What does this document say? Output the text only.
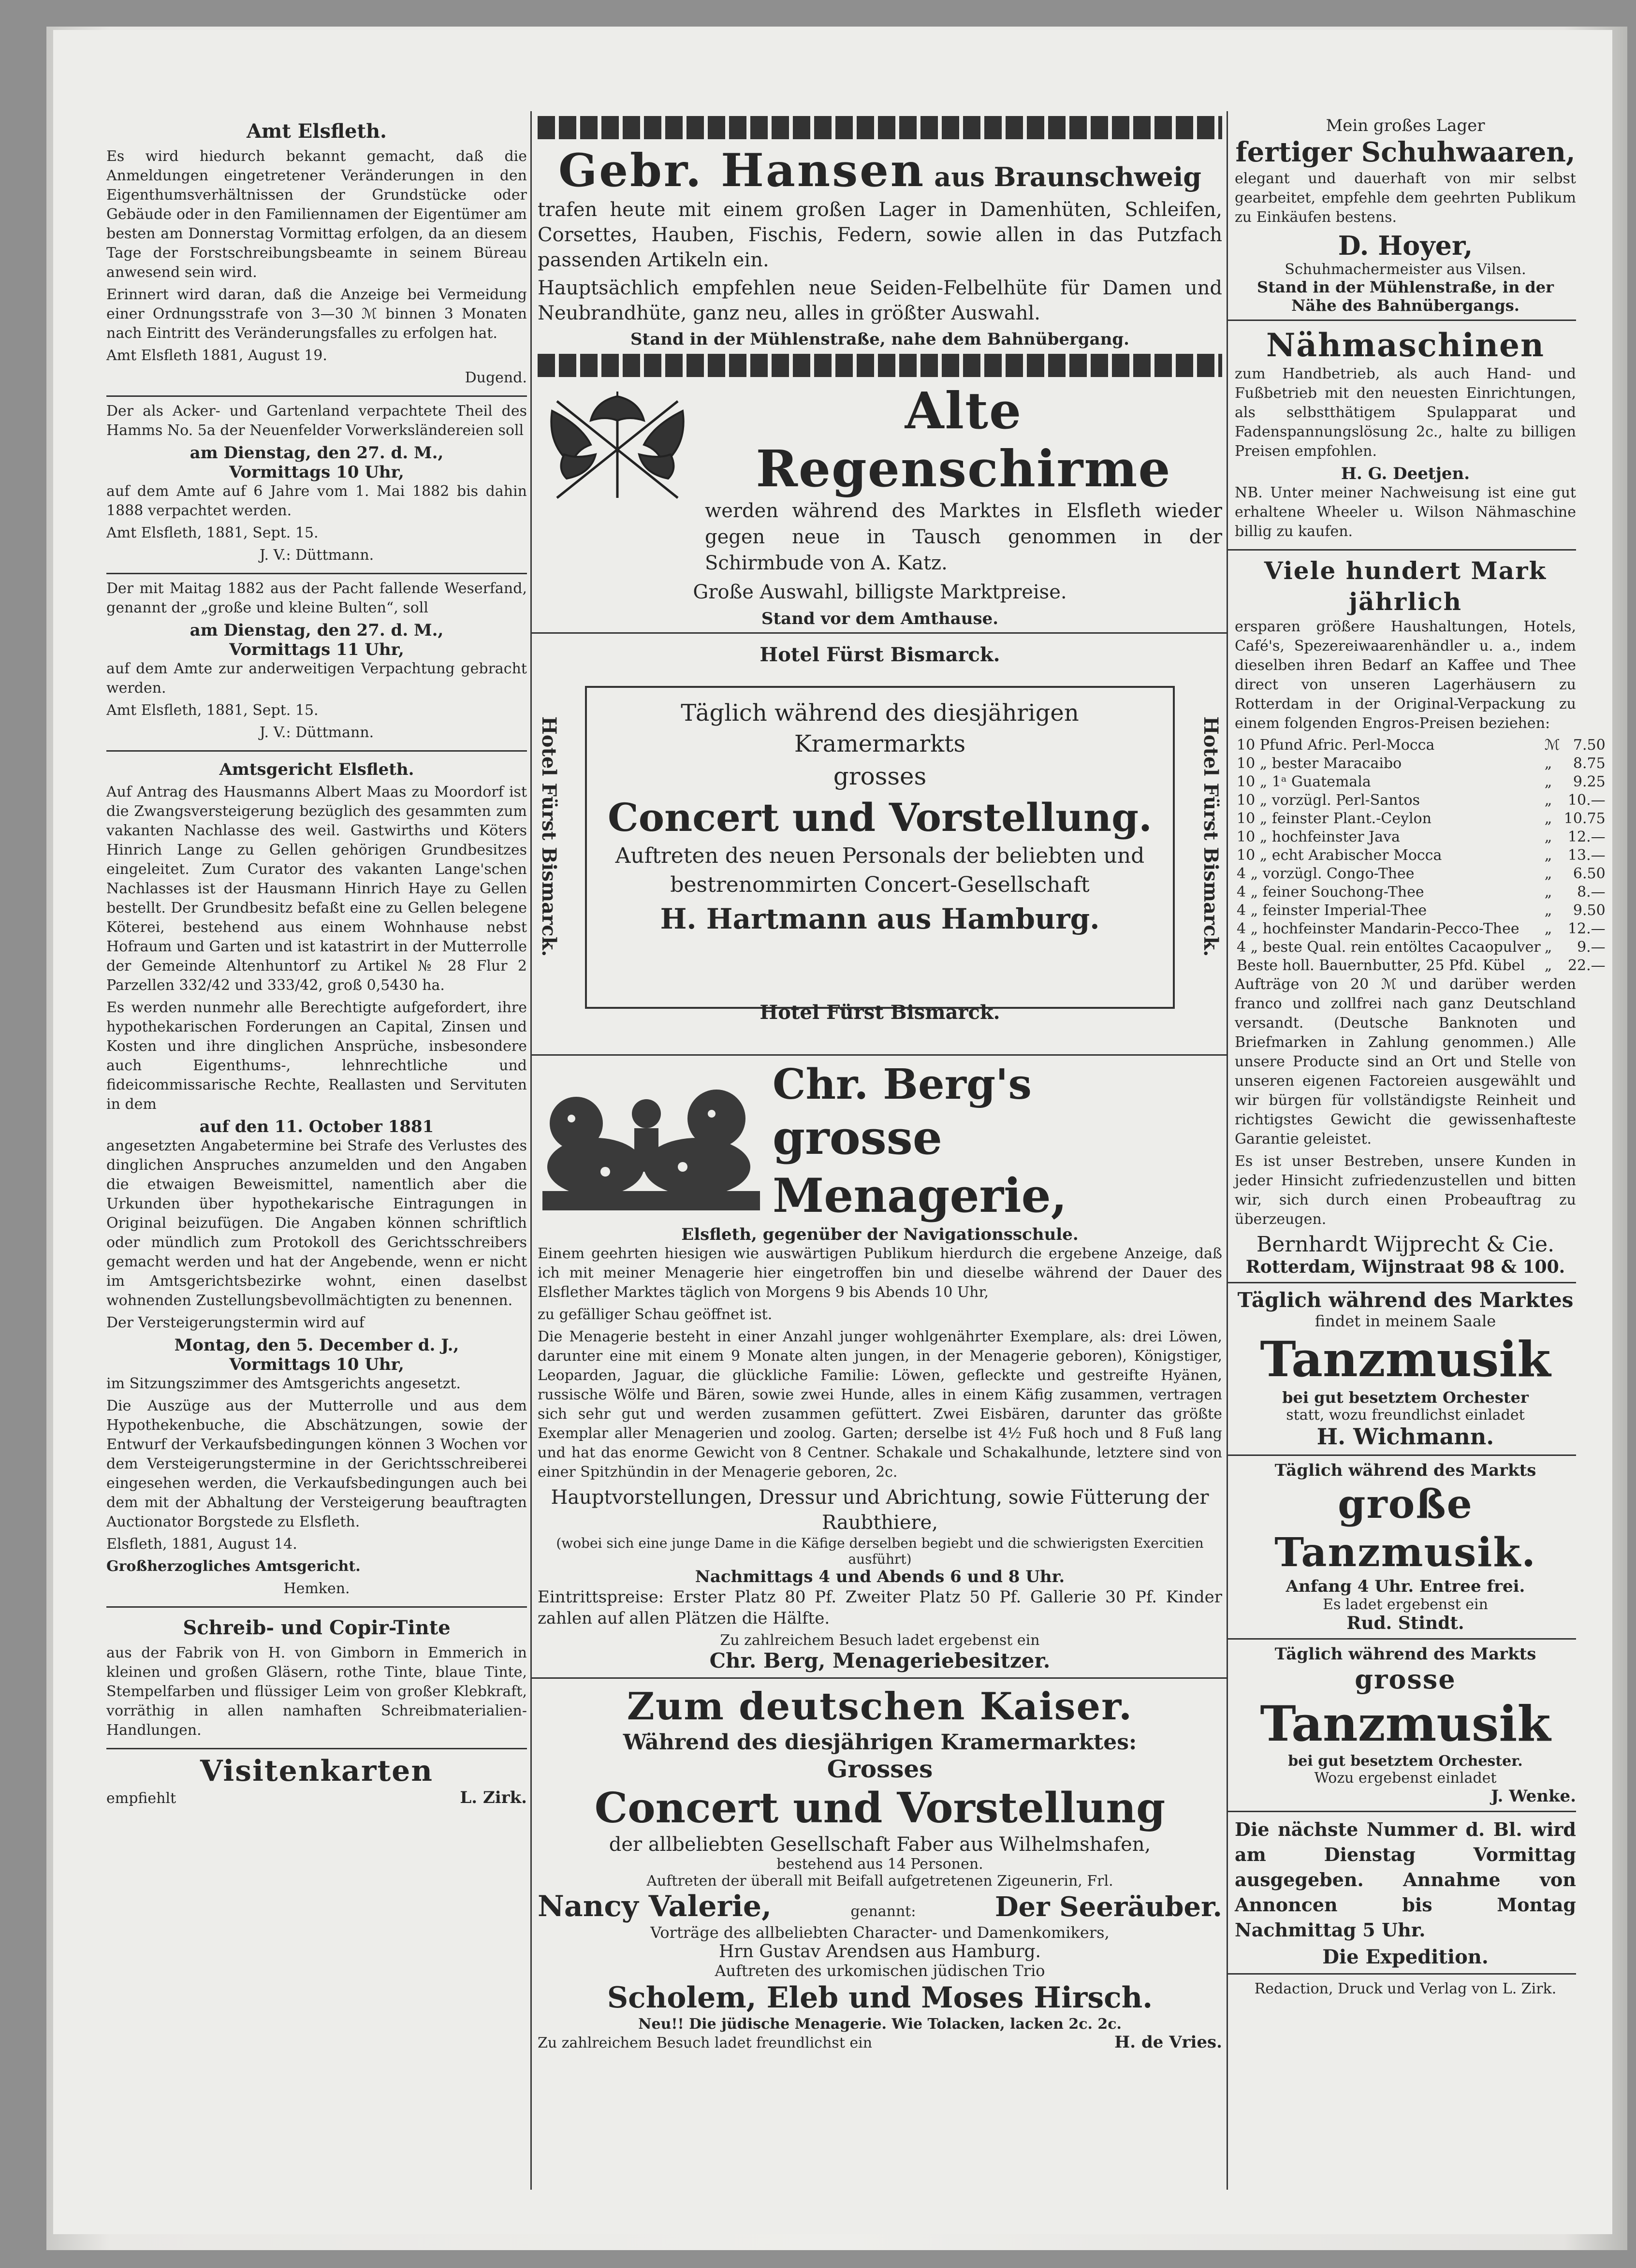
Amt Elsfleth.

Es wird hiedurch bekannt gemacht, daß die Anmeldungen eingetretener Veränderungen in den Eigenthumsverhältnissen der Grundstücke oder Gebäude oder in den Familiennamen der Eigentümer am besten am Donnerstag Vormittag erfolgen, da an diesem Tage der Forstschreibungsbeamte in seinem Büreau anwesend sein wird.

Erinnert wird daran, daß die Anzeige bei Vermeidung einer Ordnungsstrafe von 3—30 ℳ binnen 3 Monaten nach Eintritt des Veränderungsfalles zu erfolgen hat.

Amt Elsfleth 1881, August 19.

Dugend.

Der als Acker- und Gartenland verpachtete Theil des Hamms No. 5a der Neuenfelder Vorwerksländereien soll

am Dienstag, den 27. d. M.,
Vormittags 10 Uhr,

auf dem Amte auf 6 Jahre vom 1. Mai 1882 bis dahin 1888 verpachtet werden.

Amt Elsfleth, 1881, Sept. 15.

J. V.: Düttmann.

Der mit Maitag 1882 aus der Pacht fallende Weserfand, genannt der „große und kleine Bulten“, soll

am Dienstag, den 27. d. M.,
Vormittags 11 Uhr,

auf dem Amte zur anderweitigen Verpachtung gebracht werden.

Amt Elsfleth, 1881, Sept. 15.

J. V.: Düttmann.

Amtsgericht Elsfleth.

Auf Antrag des Hausmanns Albert Maas zu Moordorf ist die Zwangsversteigerung bezüglich des gesammten zum vakanten Nachlasse des weil. Gastwirths und Köters Hinrich Lange zu Gellen gehörigen Grundbesitzes eingeleitet. Zum Curator des vakanten Lange'schen Nachlasses ist der Hausmann Hinrich Haye zu Gellen bestellt. Der Grundbesitz befaßt eine zu Gellen belegene Köterei, bestehend aus einem Wohnhause nebst Hofraum und Garten und ist katastrirt in der Mutterrolle der Gemeinde Altenhuntorf zu Artikel № 28 Flur 2 Parzellen 332/42 und 333/42, groß 0,5430 ha.

Es werden nunmehr alle Berechtigte aufgefordert, ihre hypothekarischen Forderungen an Capital, Zinsen und Kosten und ihre dinglichen Ansprüche, insbesondere auch Eigenthums-, lehnrechtliche und fideicommissarische Rechte, Reallasten und Servituten in dem

auf den 11. October 1881

angesetzten Angabetermine bei Strafe des Verlustes des dinglichen Anspruches anzumelden und den Angaben die etwaigen Beweismittel, namentlich aber die Urkunden über hypothekarische Eintragungen in Original beizufügen. Die Angaben können schriftlich oder mündlich zum Protokoll des Gerichtsschreibers gemacht werden und hat der Angebende, wenn er nicht im Amtsgerichtsbezirke wohnt, einen daselbst wohnenden Zustellungsbevollmächtigten zu benennen.

Der Versteigerungstermin wird auf

Montag, den 5. December d. J.,
Vormittags 10 Uhr,

im Sitzungszimmer des Amtsgerichts angesetzt.

Die Auszüge aus der Mutterrolle und aus dem Hypothekenbuche, die Abschätzungen, sowie der Entwurf der Verkaufsbedingungen können 3 Wochen vor dem Versteigerungstermine in der Gerichtsschreiberei eingesehen werden, die Verkaufsbedingungen auch bei dem mit der Abhaltung der Versteigerung beauftragten Auctionator Borgstede zu Elsfleth.

Elsfleth, 1881, August 14.

Großherzogliches Amtsgericht.

Hemken.

Schreib- und Copir-Tinte

aus der Fabrik von H. von Gimborn in Emmerich in kleinen und großen Gläsern, rothe Tinte, blaue Tinte, Stempelfarben und flüssiger Leim von großer Klebkraft, vorräthig in allen namhaften Schreibmaterialien-Handlungen.

Visitenkarten
empfiehlt	L. Zirk.
Gebr. Hansen aus Braunschweig

trafen heute mit einem großen Lager in Damenhüten, Schleifen, Corsettes, Hauben, Fischis, Federn, sowie allen in das Putzfach passenden Artikeln ein.

Hauptsächlich empfehlen neue Seiden-Felbelhüte für Damen und Neubrandhüte, ganz neu, alles in größter Auswahl.

Stand in der Mühlenstraße, nahe dem Bahnübergang.
Alte Regenschirme

werden während des Marktes in Elsfleth wieder gegen neue in Tausch genommen in der Schirmbude von A. Katz.

Große Auswahl, billigste Marktpreise.
Stand vor dem Amthause.
Hotel Fürst Bismarck.
Hotel Fürst Bismarck.	Hotel Fürst Bismarck.
Täglich während des diesjährigen Kramermarkts
grosses
Concert und Vorstellung.
Auftreten des neuen Personals der beliebten und bestrenommirten Concert-Gesellschaft
H. Hartmann aus Hamburg.
Hotel Fürst Bismarck.
Chr. Berg's
grosse Menagerie,
Elsfleth, gegenüber der Navigationsschule.

Einem geehrten hiesigen wie auswärtigen Publikum hierdurch die ergebene Anzeige, daß ich mit meiner Menagerie hier eingetroffen bin und dieselbe während der Dauer des Elsflether Marktes täglich von Morgens 9 bis Abends 10 Uhr,

zu gefälliger Schau geöffnet ist.

Die Menagerie besteht in einer Anzahl junger wohlgenährter Exemplare, als: drei Löwen, darunter eine mit einem 9 Monate alten jungen, in der Menagerie geboren), Königstiger, Leoparden, Jaguar, die glückliche Familie: Löwen, gefleckte und gestreifte Hyänen, russische Wölfe und Bären, sowie zwei Hunde, alles in einem Käfig zusammen, vertragen sich sehr gut und werden zusammen gefüttert. Zwei Eisbären, darunter das größte Exemplar aller Menagerien und zoolog. Garten; derselbe ist 4½ Fuß hoch und 8 Fuß lang und hat das enorme Gewicht von 8 Centner. Schakale und Schakalhunde, letztere sind von einer Spitzhündin in der Menagerie geboren, 2c.

Hauptvorstellungen, Dressur und Abrichtung, sowie Fütterung der Raubthiere,
(wobei sich eine junge Dame in die Käfige derselben begiebt und die schwierigsten Exercitien ausführt)
Nachmittags 4 und Abends 6 und 8 Uhr.

Eintrittspreise: Erster Platz 80 Pf. Zweiter Platz 50 Pf. Gallerie 30 Pf. Kinder zahlen auf allen Plätzen die Hälfte.

Zu zahlreichem Besuch ladet ergebenst ein
Chr. Berg, Menageriebesitzer.
Zum deutschen Kaiser.
Während des diesjährigen Kramermarktes:
Grosses
Concert und Vorstellung
der allbeliebten Gesellschaft Faber aus Wilhelmshafen,
bestehend aus 14 Personen.
Auftreten der überall mit Beifall aufgetretenen Zigeunerin, Frl.
Nancy Valerie,	genannt:	Der Seeräuber.
Vorträge des allbeliebten Character- und Damenkomikers,
Hrn Gustav Arendsen aus Hamburg.
Auftreten des urkomischen jüdischen Trio
Scholem, Eleb und Moses Hirsch.
Neu!! Die jüdische Menagerie. Wie Tolacken, lacken 2c. 2c.
Zu zahlreichem Besuch ladet freundlichst ein	H. de Vries.
Mein großes Lager
fertiger Schuhwaaren,

elegant und dauerhaft von mir selbst gearbeitet, empfehle dem geehrten Publikum zu Einkäufen bestens.

D. Hoyer,
Schuhmachermeister aus Vilsen.
Stand in der Mühlenstraße, in der Nähe des Bahnübergangs.
Nähmaschinen

zum Handbetrieb, als auch Hand- und Fußbetrieb mit den neuesten Einrichtungen, als selbstthätigem Spulapparat und Fadenspannungslösung 2c., halte zu billigen Preisen empfohlen.

H. G. Deetjen.

NB. Unter meiner Nachweisung ist eine gut erhaltene Wheeler u. Wilson Nähmaschine billig zu kaufen.

Viele hundert Mark jährlich

ersparen größere Haushaltungen, Hotels, Café's, Spezereiwaarenhändler u. a., indem dieselben ihren Bedarf an Kaffee und Thee direct von unseren Lagerhäusern zu Rotterdam in der Original-Verpackung zu einem folgenden Engros-Preisen beziehen:

10 Pfund Afric. Perl-Mocca	ℳ	7.50
10 „ bester Maracaibo	„	8.75
10 „ 1ᵃ Guatemala	„	9.25
10 „ vorzügl. Perl-Santos	„	10.—
10 „ feinster Plant.-Ceylon	„	10.75
10 „ hochfeinster Java	„	12.—
10 „ echt Arabischer Mocca	„	13.—
4 „ vorzügl. Congo-Thee	„	6.50
4 „ feiner Souchong-Thee	„	8.—
4 „ feinster Imperial-Thee	„	9.50
4 „ hochfeinster Mandarin-Pecco-Thee	„	12.—
4 „ beste Qual. rein entöltes Cacaopulver	„	9.—
Beste holl. Bauernbutter, 25 Pfd. Kübel	„	22.—

Aufträge von 20 ℳ und darüber werden franco und zollfrei nach ganz Deutschland versandt. (Deutsche Banknoten und Briefmarken in Zahlung genommen.) Alle unsere Producte sind an Ort und Stelle von unseren eigenen Factoreien ausgewählt und wir bürgen für vollständigste Reinheit und richtigstes Gewicht die gewissenhafteste Garantie geleistet.

Es ist unser Bestreben, unsere Kunden in jeder Hinsicht zufriedenzustellen und bitten wir, sich durch einen Probeauftrag zu überzeugen.

Bernhardt Wijprecht & Cie.
Rotterdam, Wijnstraat 98 & 100.
Täglich während des Marktes
findet in meinem Saale
Tanzmusik
bei gut besetztem Orchester
statt, wozu freundlichst einladet
H. Wichmann.
Täglich während des Markts
große Tanzmusik.
Anfang 4 Uhr. Entree frei.
Es ladet ergebenst ein
Rud. Stindt.
Täglich während des Markts
grosse
Tanzmusik
bei gut besetztem Orchester.
Wozu ergebenst einladet
J. Wenke.

Die nächste Nummer d. Bl. wird am Dienstag Vormittag ausgegeben. Annahme von Annoncen bis Montag Nachmittag 5 Uhr.

Die Expedition.
Redaction, Druck und Verlag von L. Zirk.
